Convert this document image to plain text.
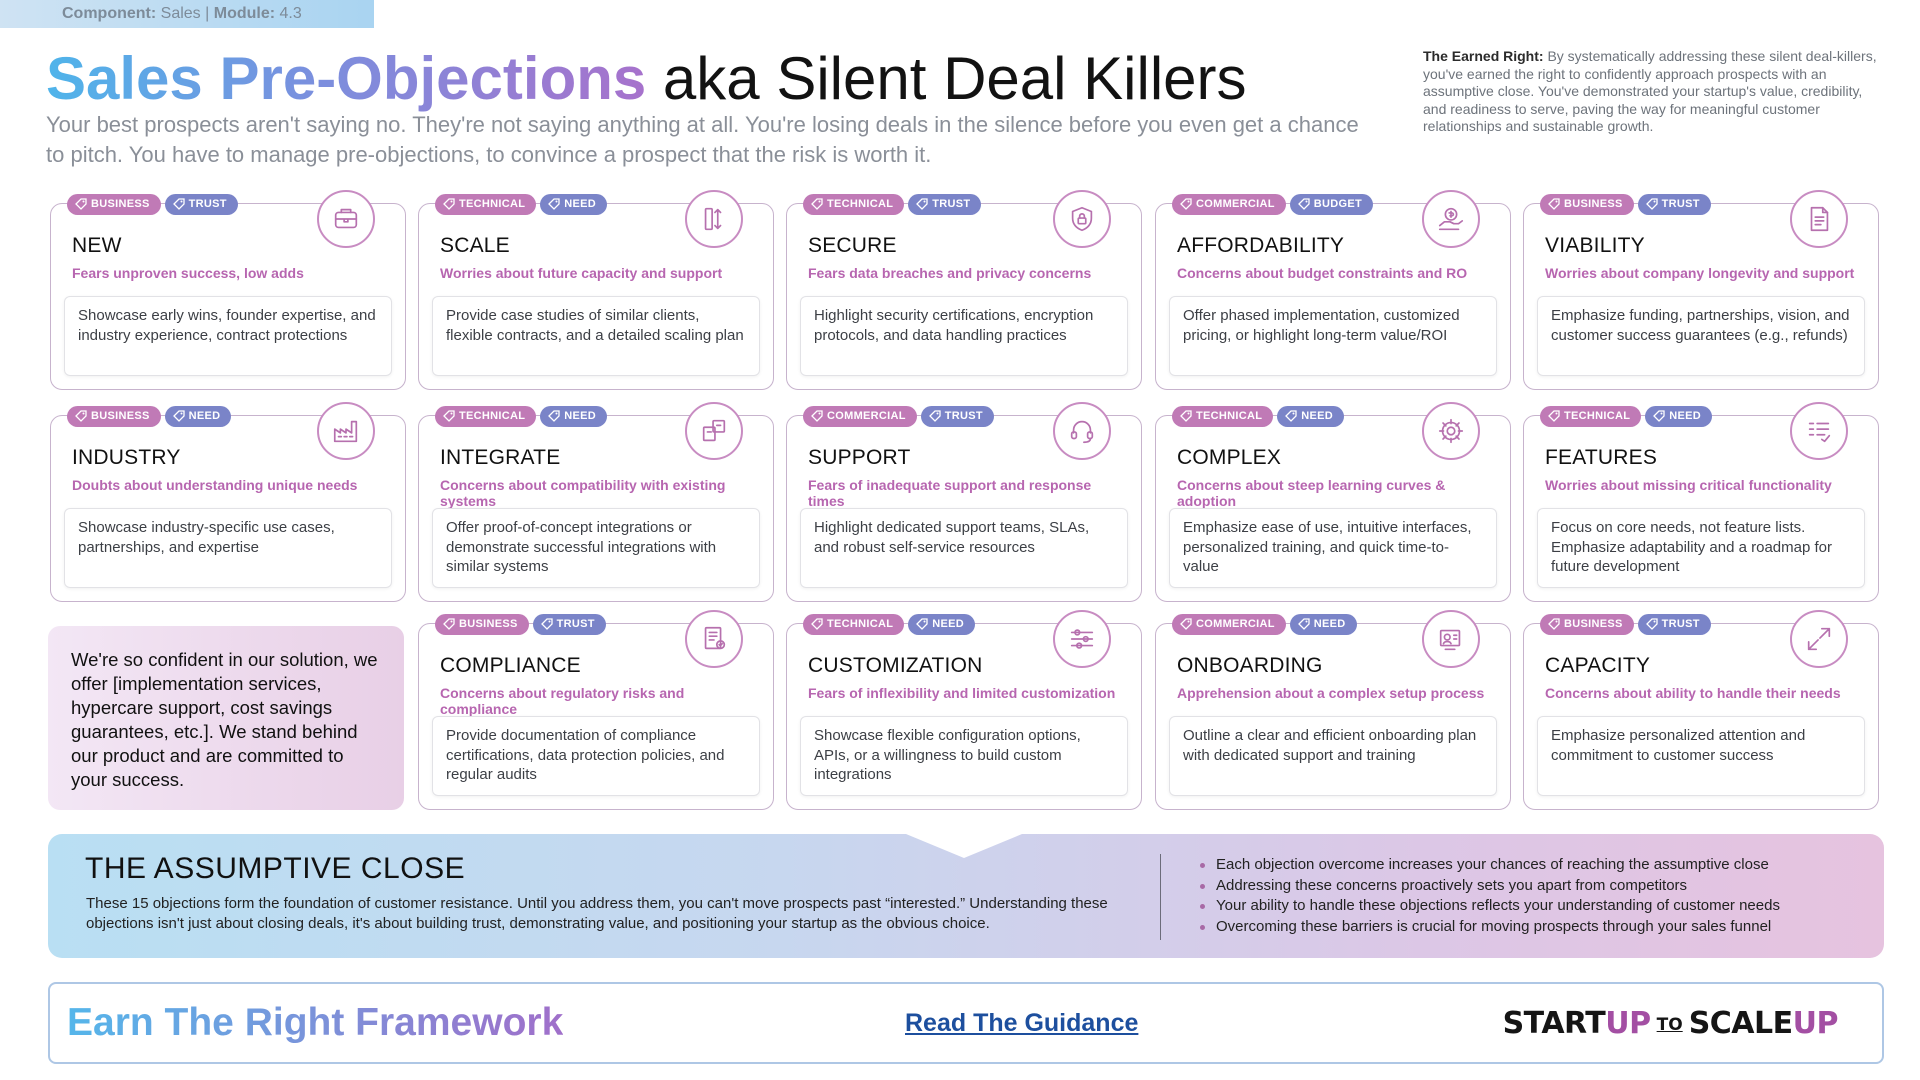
Component: Sales | Module: 4.3
Sales Pre-Objections aka Silent Deal Killers
Your best prospects aren't saying no. They're not saying anything at all. You're losing deals in the silence before you even get a chance to pitch. You have to manage pre-objections, to convince a prospect that the risk is worth it.
The Earned Right: By systematically addressing these silent deal-killers, you've earned the right to confidently approach prospects with an assumptive close. You've demonstrated your startup's value, credibility, and readiness to serve, paving the way for meaningful customer relationships and sustainable growth.
BUSINESS	TRUST
NEW
Fears unproven success, low adds
Showcase early wins, founder expertise, and industry experience, contract protections
TECHNICAL	NEED
SCALE
Worries about future capacity and support
Provide case studies of similar clients, flexible contracts, and a detailed scaling plan
TECHNICAL	TRUST
SECURE
Fears data breaches and privacy concerns
Highlight security certifications, encryption protocols, and data handling practices
COMMERCIAL	BUDGET
AFFORDABILITY
Concerns about budget constraints and RO
Offer phased implementation, customized pricing, or highlight long-term value/ROI
BUSINESS	TRUST
VIABILITY
Worries about company longevity and support
Emphasize funding, partnerships, vision, and customer success guarantees (e.g., refunds)
BUSINESS	NEED
INDUSTRY
Doubts about understanding unique needs
Showcase industry-specific use cases, partnerships, and expertise
TECHNICAL	NEED
INTEGRATE
Concerns about compatibility with existing systems
Offer proof-of-concept integrations or demonstrate successful integrations with similar systems
COMMERCIAL	TRUST
SUPPORT
Fears of inadequate support and response times
Highlight dedicated support teams, SLAs, and robust self-service resources
TECHNICAL	NEED
COMPLEX
Concerns about steep learning curves & adoption
Emphasize ease of use, intuitive interfaces, personalized training, and quick time-to-value
TECHNICAL	NEED
FEATURES
Worries about missing critical functionality
Focus on core needs, not feature lists. Emphasize adaptability and a roadmap for future development
BUSINESS	TRUST
COMPLIANCE
Concerns about regulatory risks and compliance
Provide documentation of compliance certifications, data protection policies, and regular audits
TECHNICAL	NEED
CUSTOMIZATION
Fears of inflexibility and limited customization
Showcase flexible configuration options, APIs, or a willingness to build custom integrations
COMMERCIAL	NEED
ONBOARDING
Apprehension about a complex setup process
Outline a clear and efficient onboarding plan with dedicated support and training
BUSINESS	TRUST
CAPACITY
Concerns about ability to handle their needs
Emphasize personalized attention and commitment to customer success
We're so confident in our solution, we offer [implementation services, hypercare support, cost savings guarantees, etc.]. We stand behind our product and are committed to your success.
THE ASSUMPTIVE CLOSE

These 15 objections form the foundation of customer resistance. Until you address them, you can't move prospects past “interested.” Understanding these objections isn't just about closing deals, it's about building trust, demonstrating value, and positioning your startup as the obvious choice.

Each objection overcome increases your chances of reaching the assumptive close
Addressing these concerns proactively sets you apart from competitors
Your ability to handle these objections reflects your understanding of customer needs
Overcoming these barriers is crucial for moving prospects through your sales funnel
Earn The Right Framework	Read The Guidance	STARTUP TO SCALEUP
